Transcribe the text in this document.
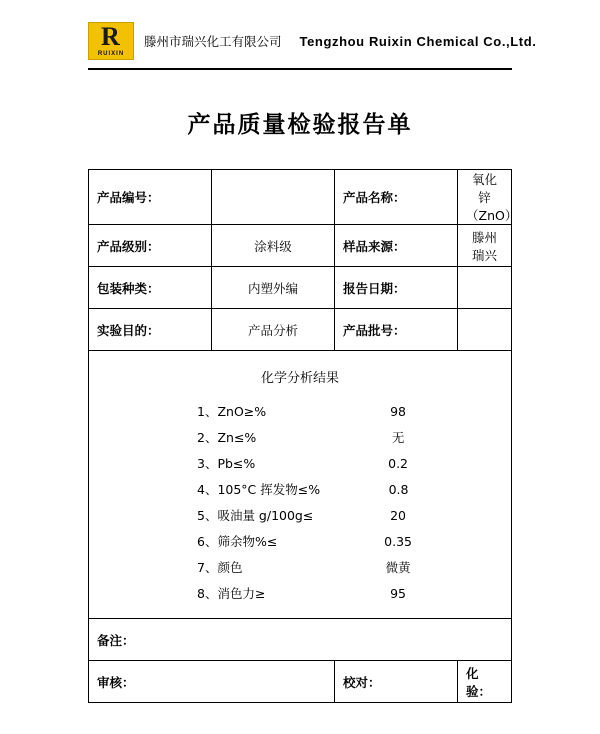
R
RUIXIN
滕州市瑞兴化工有限公司 Tengzhou Ruixin Chemical Co.,Ltd.
产品质量检验报告单
产品编号：		产品名称：	氧化锌（ZnO）
产品级别：	涂料级	样品来源：	滕州瑞兴
包装种类：	内塑外编	报告日期：	
实验目的：	产品分析	产品批号：	

化学分析结果
1、ZnO≥%	98
2、Zn≤%	无
3、Pb≤%	0.2
4、105°C 挥发物≤%	0.8
5、吸油量 g/100g≤	20
6、筛余物%≤	0.35
7、颜色	微黄
8、消色力≥	95

备注：			
审核：		校对：	化验：
